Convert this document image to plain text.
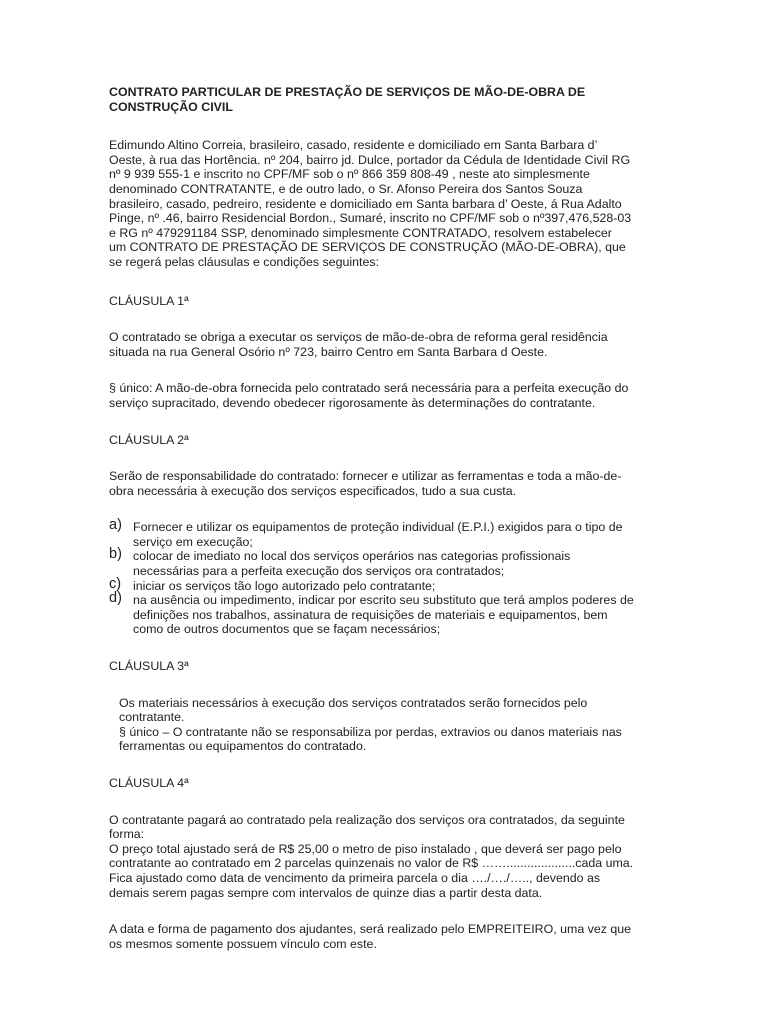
CONTRATO PARTICULAR DE PRESTAÇÃO DE SERVIÇOS DE MÃO-DE-OBRA DE
CONSTRUÇÃO CIVIL

Edimundo Altino Correia, brasileiro, casado, residente e domiciliado em Santa Barbara d’
Oeste, à rua das Hortência. nº 204, bairro jd. Dulce, portador da Cédula de Identidade Civil RG
nº 9 939 555-1 e inscrito no CPF/MF sob o nº 866 359 808-49 , neste ato simplesmente
denominado CONTRATANTE, e de outro lado, o Sr. Afonso Pereira dos Santos Souza
brasileiro, casado, pedreiro, residente e domiciliado em Santa barbara d’ Oeste, á Rua Adalto
Pinge, nº .46, bairro Residencial Bordon., Sumaré, inscrito no CPF/MF sob o nº397,476,528-03
e RG nº 479291184 SSP, denominado simplesmente CONTRATADO, resolvem estabelecer
um CONTRATO DE PRESTAÇÃO DE SERVIÇOS DE CONSTRUÇÃO (MÃO-DE-OBRA), que
se regerá pelas cláusulas e condições seguintes:

CLÁUSULA 1ª

O contratado se obriga a executar os serviços de mão-de-obra de reforma geral residência
situada na rua General Osório nº 723, bairro Centro em Santa Barbara d Oeste.

§ único: A mão-de-obra fornecida pelo contratado será necessária para a perfeita execução do
serviço supracitado, devendo obedecer rigorosamente às determinações do contratante.

CLÁUSULA 2ª

Serão de responsabilidade do contratado: fornecer e utilizar as ferramentas e toda a mão-de-
obra necessária à execução dos serviços especificados, tudo a sua custa.

a) Fornecer e utilizar os equipamentos de proteção individual (E.P.I.) exigidos para o tipo de
serviço em execução;
b) colocar de imediato no local dos serviços operários nas categorias profissionais
necessárias para a perfeita execução dos serviços ora contratados;
c) iniciar os serviços tão logo autorizado pelo contratante;
d) na ausência ou impedimento, indicar por escrito seu substituto que terá amplos poderes de
definições nos trabalhos, assinatura de requisições de materiais e equipamentos, bem
como de outros documentos que se façam necessários;

CLÁUSULA 3ª

Os materiais necessários à execução dos serviços contratados serão fornecidos pelo
contratante.
§ único – O contratante não se responsabiliza por perdas, extravios ou danos materiais nas
ferramentas ou equipamentos do contratado.

CLÁUSULA 4ª

O contratante pagará ao contratado pela realização dos serviços ora contratados, da seguinte
forma:
O preço total ajustado será de R$ 25,00 o metro de piso instalado , que deverá ser pago pelo
contratante ao contratado em 2 parcelas quinzenais no valor de R$ ……....................cada uma.
Fica ajustado como data de vencimento da primeira parcela o dia …./…./….., devendo as
demais serem pagas sempre com intervalos de quinze dias a partir desta data.

A data e forma de pagamento dos ajudantes, será realizado pelo EMPREITEIRO, uma vez que
os mesmos somente possuem vínculo com este.
